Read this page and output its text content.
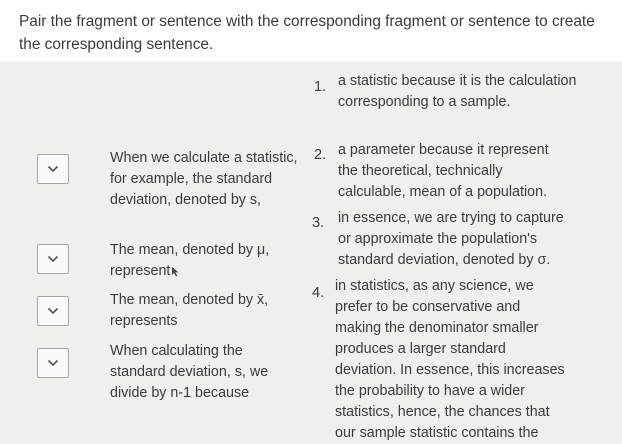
Pair the fragment or sentence with the corresponding fragment or sentence to create the corresponding sentence.

When we calculate a statistic, for example, the standard deviation, denoted by s,
The mean, denoted by μ, represent
The mean, denoted by x̄, represents
When calculating the standard deviation, s, we divide by n-1 because
1. a statistic because it is the calculation corresponding to a sample.
2. a parameter because it represent the theoretical, technically calculable, mean of a population.
3. in essence, we are trying to capture or approximate the population's standard deviation, denoted by σ.
4. in statistics, as any science, we prefer to be conservative and making the denominator smaller produces a larger standard deviation. In essence, this increases the probability to have a wider statistics, hence, the chances that our sample statistic contains the
